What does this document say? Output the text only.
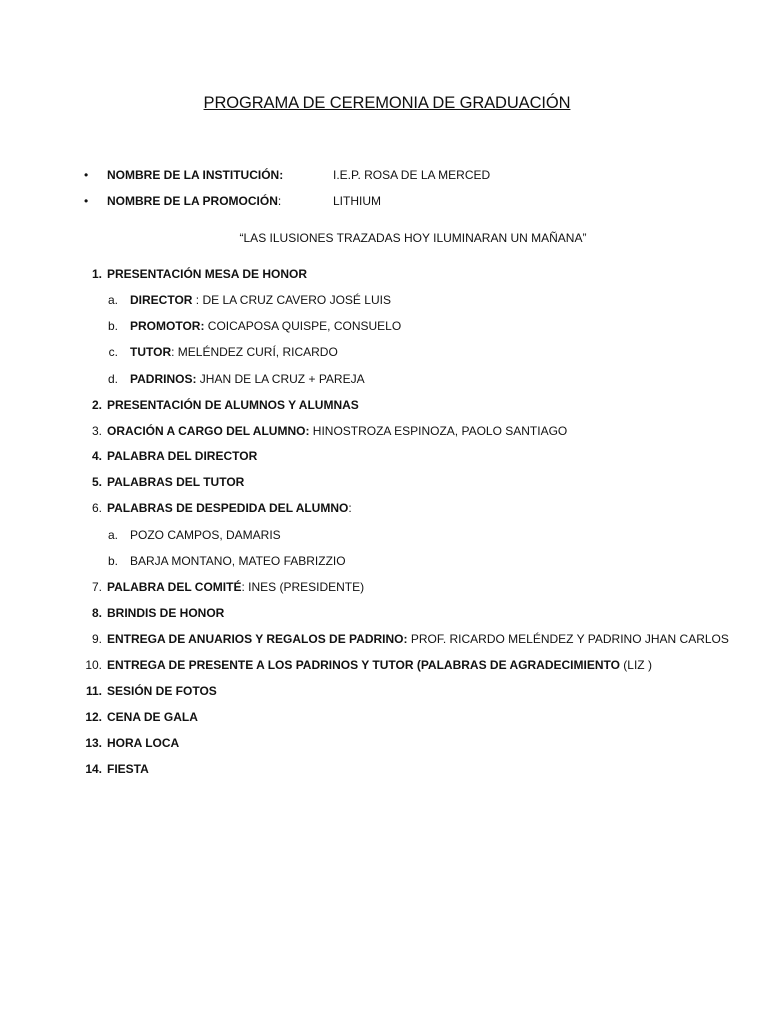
PROGRAMA DE CEREMONIA DE GRADUACIÓN
• NOMBRE DE LA INSTITUCIÓN:	I.E.P. ROSA DE LA MERCED
• NOMBRE DE LA PROMOCIÓN:	LITHIUM
“LAS ILUSIONES TRAZADAS HOY ILUMINARAN UN MAÑANA”
1. PRESENTACIÓN MESA DE HONOR
a. DIRECTOR : DE LA CRUZ CAVERO JOSÉ LUIS
b. PROMOTOR: COICAPOSA QUISPE, CONSUELO
c. TUTOR: MELÉNDEZ CURÍ, RICARDO
d. PADRINOS: JHAN DE LA CRUZ + PAREJA
2. PRESENTACIÓN DE ALUMNOS Y ALUMNAS
3. ORACIÓN A CARGO DEL ALUMNO: HINOSTROZA ESPINOZA, PAOLO SANTIAGO
4. PALABRA DEL DIRECTOR
5. PALABRAS DEL TUTOR
6. PALABRAS DE DESPEDIDA DEL ALUMNO:
a. POZO CAMPOS, DAMARIS
b. BARJA MONTANO, MATEO FABRIZZIO
7. PALABRA DEL COMITÉ: INES (PRESIDENTE)
8. BRINDIS DE HONOR
9. ENTREGA DE ANUARIOS Y REGALOS DE PADRINO: PROF. RICARDO MELÉNDEZ Y PADRINO JHAN CARLOS
10. ENTREGA DE PRESENTE A LOS PADRINOS Y TUTOR (PALABRAS DE AGRADECIMIENTO (LIZ )
11. SESIÓN DE FOTOS
12. CENA DE GALA
13. HORA LOCA
14. FIESTA
